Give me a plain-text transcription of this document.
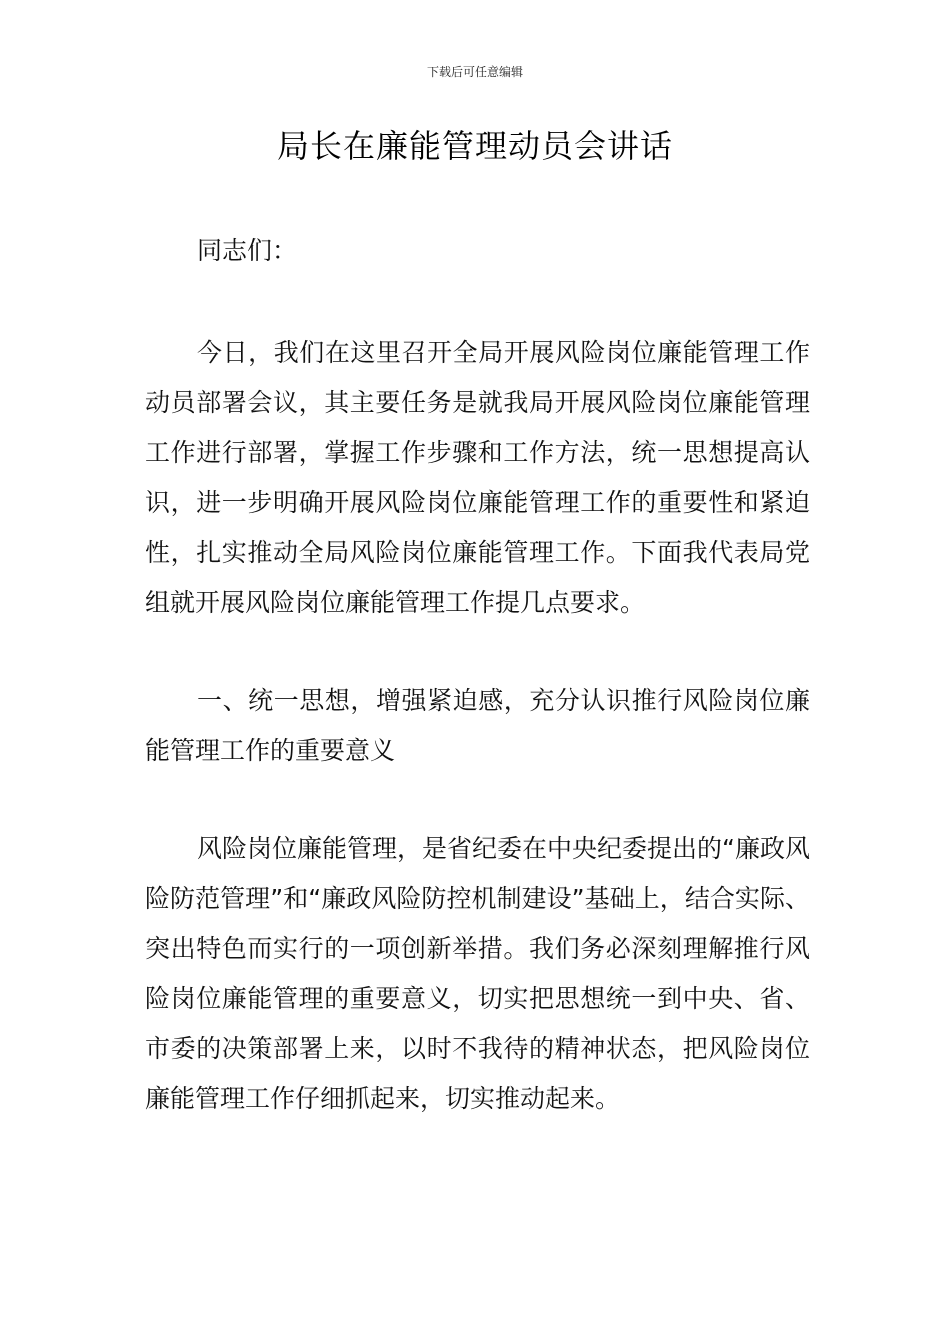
下载后可任意编辑
局长在廉能管理动员会讲话

同志们：

今日，我们在这里召开全局开展风险岗位廉能管理工作动员部署会议，其主要任务是就我局开展风险岗位廉能管理工作进行部署，掌握工作步骤和工作方法，统一思想提高认识，进一步明确开展风险岗位廉能管理工作的重要性和紧迫性，扎实推动全局风险岗位廉能管理工作。下面我代表局党组就开展风险岗位廉能管理工作提几点要求。

一、统一思想，增强紧迫感，充分认识推行风险岗位廉能管理工作的重要意义

风险岗位廉能管理，是省纪委在中央纪委提出的“廉政风险防范管理”和“廉政风险防控机制建设”基础上，结合实际、突出特色而实行的一项创新举措。我们务必深刻理解推行风险岗位廉能管理的重要意义，切实把思想统一到中央、省、市委的决策部署上来，以时不我待的精神状态，把风险岗位廉能管理工作仔细抓起来，切实推动起来。
